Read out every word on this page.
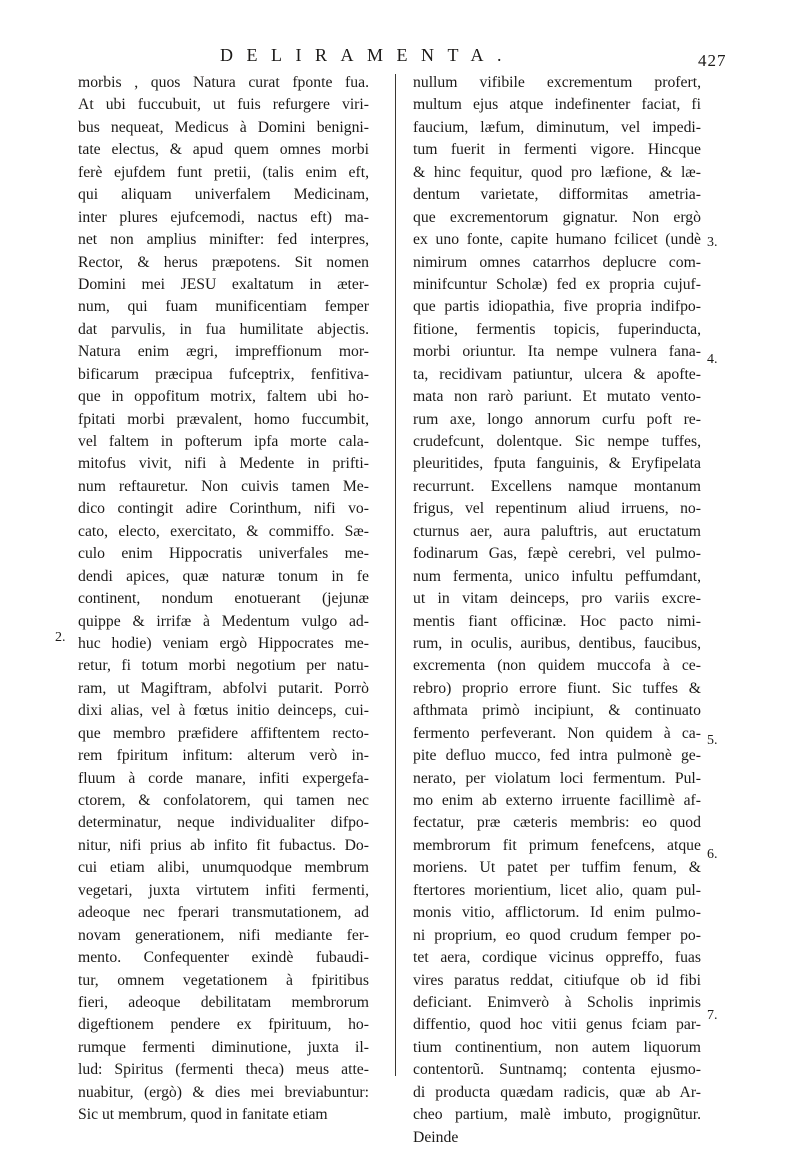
DELIRAMENTA.	427
morbis , quos Natura curat fponte fua.
At ubi fuccubuit, ut fuis refurgere viri-
bus nequeat, Medicus à Domini benigni-
tate electus, & apud quem omnes morbi
ferè ejufdem funt pretii, (talis enim eft,
qui aliquam univerfalem Medicinam,
inter plures ejufcemodi, nactus eft) ma-
net non amplius minifter: fed interpres,
Rector, & herus præpotens. Sit nomen
Domini mei JESU exaltatum in æter-
num, qui fuam munificentiam femper
dat parvulis, in fua humilitate abjectis.
Natura enim ægri, impreffionum mor-
bificarum præcipua fufceptrix, fenfitiva-
que in oppofitum motrix, faltem ubi ho-
fpitati morbi prævalent, homo fuccumbit,
vel faltem in pofterum ipfa morte cala-
mitofus vivit, nifi à Medente in prifti-
num reftauretur. Non cuivis tamen Me-
dico contingit adire Corinthum, nifi vo-
cato, electo, exercitato, & commiffo. Sæ-
culo enim Hippocratis univerfales me-
dendi apices, quæ naturæ tonum in fe
continent, nondum enotuerant (jejunæ
quippe & irrifæ à Medentum vulgo ad-
huc hodie) veniam ergò Hippocrates me-
retur, fi totum morbi negotium per natu-
ram, ut Magiftram, abfolvi putarit. Porrò
dixi alias, vel à fœtus initio deinceps, cui-
que membro præfidere affiftentem recto-
rem fpiritum infitum: alterum verò in-
fluum à corde manare, infiti expergefa-
ctorem, & confolatorem, qui tamen nec
determinatur, neque individualiter difpo-
nitur, nifi prius ab infito fit fubactus. Do-
cui etiam alibi, unumquodque membrum
vegetari, juxta virtutem infiti fermenti,
adeoque nec fperari transmutationem, ad
novam generationem, nifi mediante fer-
mento. Confequenter exindè fubaudi-
tur, omnem vegetationem à fpiritibus
fieri, adeoque debilitatam membrorum
digeftionem pendere ex fpirituum, ho-
rumque fermenti diminutione, juxta il-
lud: Spiritus (fermenti theca) meus atte-
nuabitur, (ergò) & dies mei breviabuntur:
Sic ut membrum, quod in fanitate etiam
nullum vifibile excrementum profert,
multum ejus atque indefinenter faciat, fi
faucium, læfum, diminutum, vel impedi-
tum fuerit in fermenti vigore. Hincque
& hinc fequitur, quod pro læfione, & læ-
dentum varietate, difformitas ametria-
que excrementorum gignatur. Non ergò
ex uno fonte, capite humano fcilicet (undè
nimirum omnes catarrhos deplucre com-
minifcuntur Scholæ) fed ex propria cujuf-
que partis idiopathia, five propria indifpo-
fitione, fermentis topicis, fuperinducta,
morbi oriuntur. Ita nempe vulnera fana-
ta, recidivam patiuntur, ulcera & apofte-
mata non rarò pariunt. Et mutato vento-
rum axe, longo annorum curfu poft re-
crudefcunt, dolentque. Sic nempe tuffes,
pleuritides, fputa fanguinis, & Eryfipelata
recurrunt. Excellens namque montanum
frigus, vel repentinum aliud irruens, no-
cturnus aer, aura paluftris, aut eructatum
fodinarum Gas, fæpè cerebri, vel pulmo-
num fermenta, unico infultu peffumdant,
ut in vitam deinceps, pro variis excre-
mentis fiant officinæ. Hoc pacto nimi-
rum, in oculis, auribus, dentibus, faucibus,
excrementa (non quidem muccofa à ce-
rebro) proprio errore fiunt. Sic tuffes &
afthmata primò incipiunt, & continuato
fermento perfeverant. Non quidem à ca-
pite defluo mucco, fed intra pulmonè ge-
nerato, per violatum loci fermentum. Pul-
mo enim ab externo irruente facillimè af-
fectatur, præ cæteris membris: eo quod
membrorum fit primum fenefcens, atque
moriens. Ut patet per tuffim fenum, &
ftertores morientium, licet alio, quam pul-
monis vitio, afflictorum. Id enim pulmo-
ni proprium, eo quod crudum femper po-
tet aera, cordique vicinus oppreffo, fuas
vires paratus reddat, citiufque ob id fibi
deficiant. Enimverò à Scholis inprimis
diffentio, quod hoc vitii genus fciam par-
tium continentium, non autem liquorum
contentorũ. Suntnamq; contenta ejusmo-
di producta quædam radicis, quæ ab Ar-
cheo partium, malè imbuto, progignũtur.
Deinde
2.
3.
4.
5.
6.
7.
